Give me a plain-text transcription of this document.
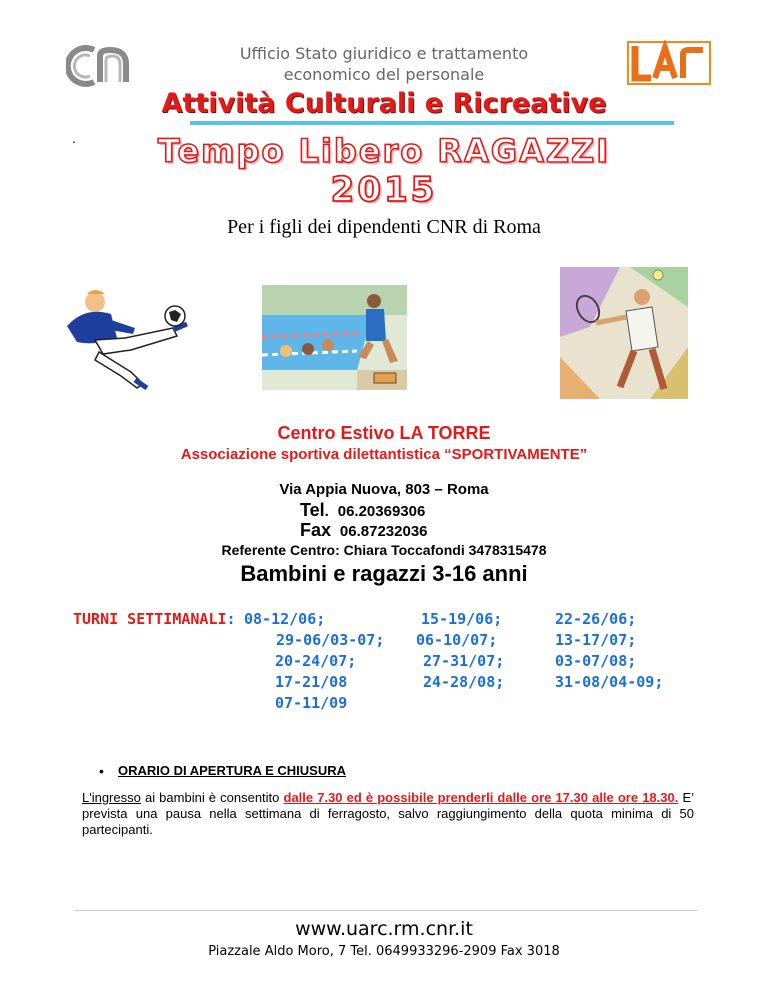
Ufficio Stato giuridico e trattamento
economico del personale
Attività Culturali e Ricreative
.	Tempo Libero RAGAZZI
2015
Per i figli dei dipendenti CNR di Roma
Centro Estivo LA TORRE
Associazione sportiva dilettantistica “SPORTIVAMENTE”
Via Appia Nuova, 803 – Roma
Tel. 06.20369306
Fax 06.87232036
Referente Centro: Chiara Toccafondi 3478315478
Bambini e ragazzi 3-16 anni
TURNI SETTIMANALI: 08-12/06;	15-19/06;	22-26/06;
29-06/03-07; 06-10/07;	13-17/07;
20-24/07;	27-31/07;	03-07/08;
17-21/08	24-28/08;	31-08/04-09;
07-11/09
• ORARIO DI APERTURA E CHIUSURA
L'ingresso ai bambini è consentito dalle 7.30 ed è possibile prenderli dalle ore 17.30 alle ore 18.30. E’ prevista una pausa nella settimana di ferragosto, salvo raggiungimento della quota minima di 50 partecipanti.
www.uarc.rm.cnr.it
Piazzale Aldo Moro, 7 Tel. 0649933296-2909 Fax 3018
